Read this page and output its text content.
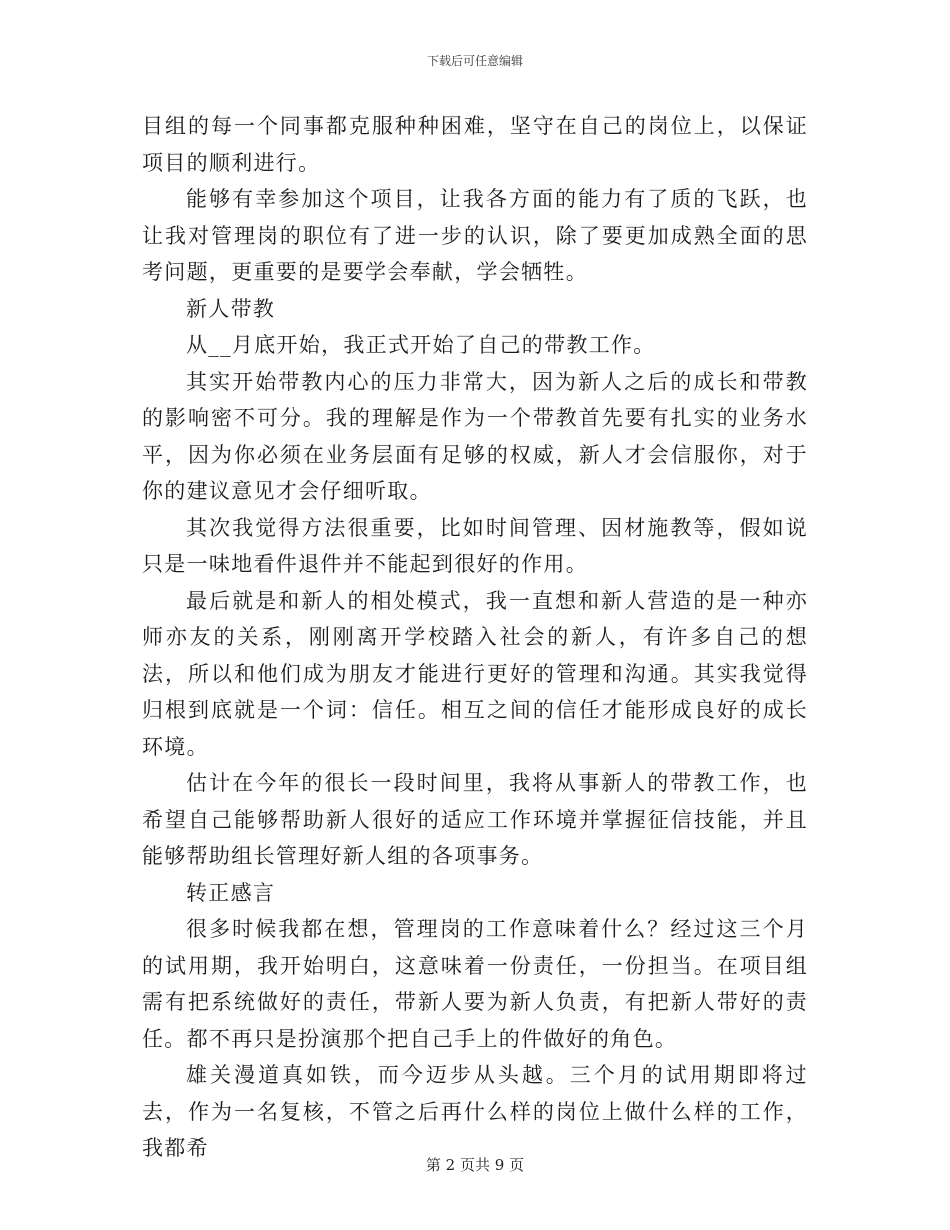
下载后可任意编辑

目组的每一个同事都克服种种困难，坚守在自己的岗位上，以保证项目的顺利进行。

能够有幸参加这个项目，让我各方面的能力有了质的飞跃，也让我对管理岗的职位有了进一步的认识，除了要更加成熟全面的思考问题，更重要的是要学会奉献，学会牺牲。

新人带教

从__月底开始，我正式开始了自己的带教工作。

其实开始带教内心的压力非常大，因为新人之后的成长和带教的影响密不可分。我的理解是作为一个带教首先要有扎实的业务水平，因为你必须在业务层面有足够的权威，新人才会信服你，对于你的建议意见才会仔细听取。

其次我觉得方法很重要，比如时间管理、因材施教等，假如说只是一味地看件退件并不能起到很好的作用。

最后就是和新人的相处模式，我一直想和新人营造的是一种亦师亦友的关系，刚刚离开学校踏入社会的新人，有许多自己的想法，所以和他们成为朋友才能进行更好的管理和沟通。其实我觉得归根到底就是一个词：信任。相互之间的信任才能形成良好的成长环境。

估计在今年的很长一段时间里，我将从事新人的带教工作，也希望自己能够帮助新人很好的适应工作环境并掌握征信技能，并且能够帮助组长管理好新人组的各项事务。

转正感言

很多时候我都在想，管理岗的工作意味着什么？经过这三个月的试用期，我开始明白，这意味着一份责任，一份担当。在项目组需有把系统做好的责任，带新人要为新人负责，有把新人带好的责任。都不再只是扮演那个把自己手上的件做好的角色。

雄关漫道真如铁，而今迈步从头越。三个月的试用期即将过去，作为一名复核，不管之后再什么样的岗位上做什么样的工作，我都希

第 2 页共 9 页
